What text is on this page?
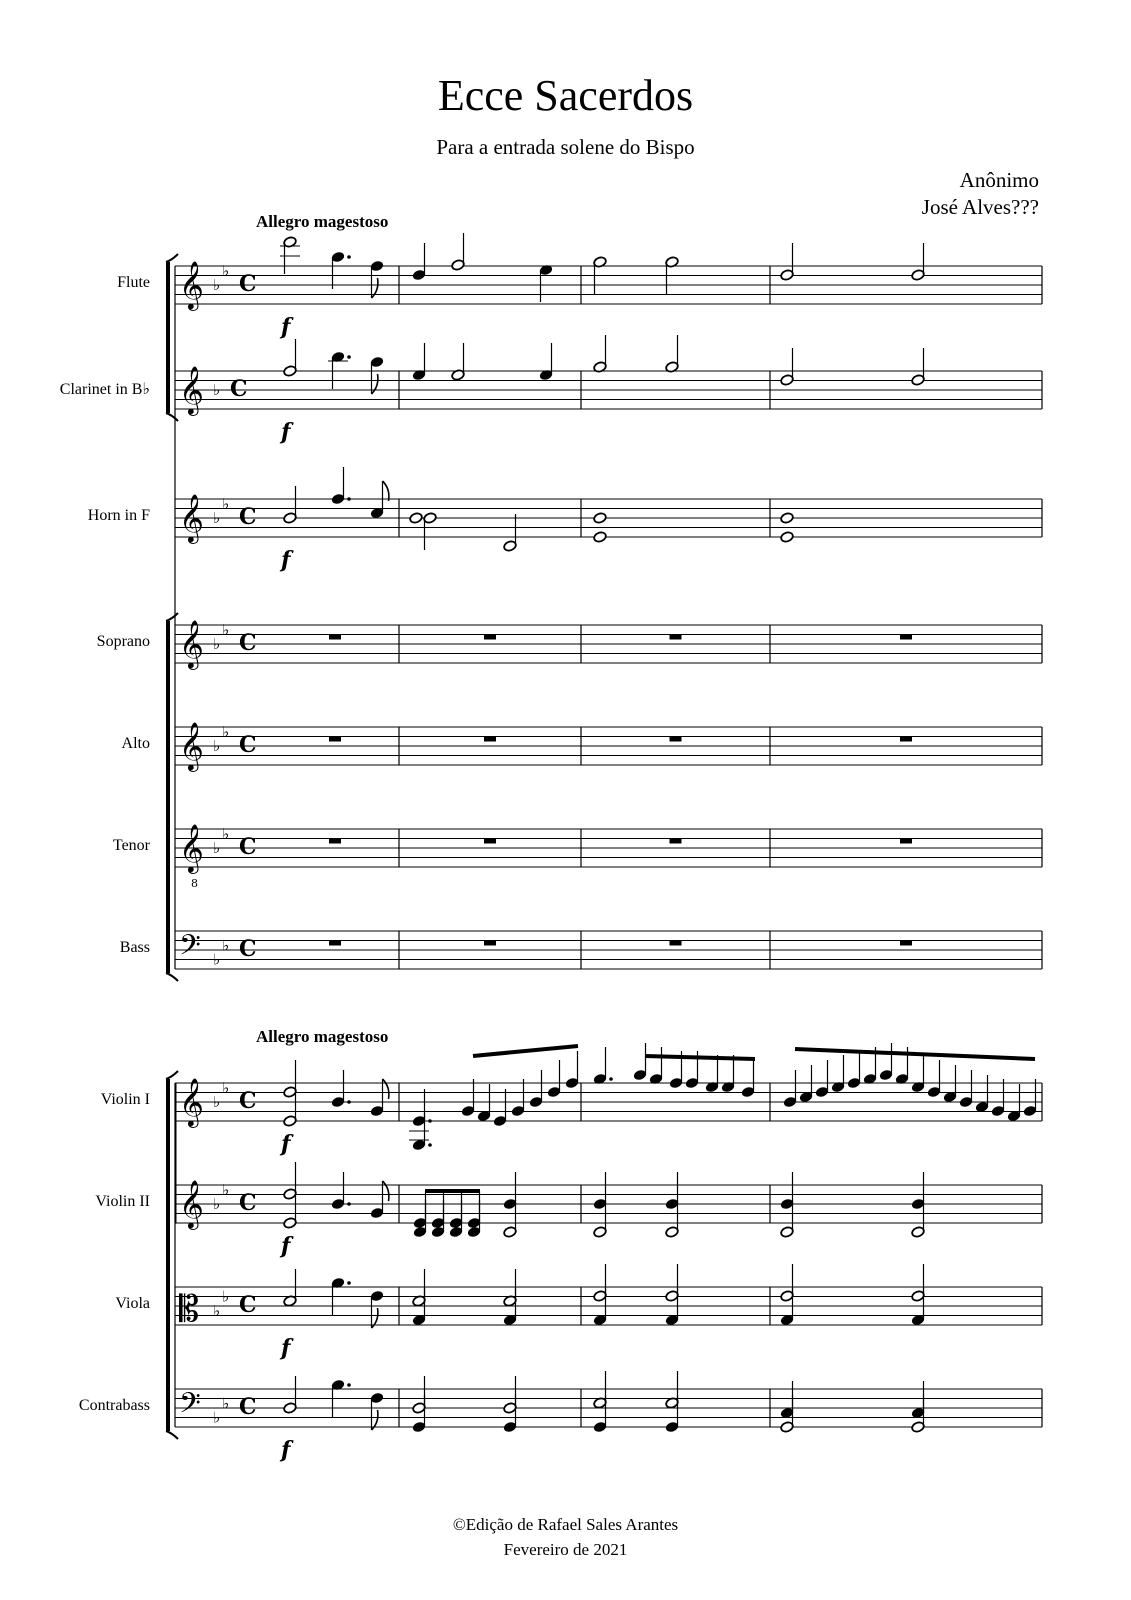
Ecce Sacerdos
Para a entrada solene do Bispo
Anônimo
José Alves???
Allegro magestoso
Allegro magestoso
Flute
Clarinet in B♭
Horn in F
Soprano
Alto
Tenor
Bass
Violin I
Violin II
Viola
Contrabass
𝄞 ♭
♭
C
𝄞 ♭ C
𝄞 ♭
♭
C
𝄞 ♭
♭
C
𝄞 ♭
♭
C
𝄞
8
♭
♭
C
𝄢 ♭
♭ C
𝄞 ♭
♭
C
𝄞 ♭
♭
C
𝄡 ♭
♭ C
𝄢 ♭
♭ C
f
f
f
f
f
f
f
©Edição de Rafael Sales Arantes
Fevereiro de 2021
